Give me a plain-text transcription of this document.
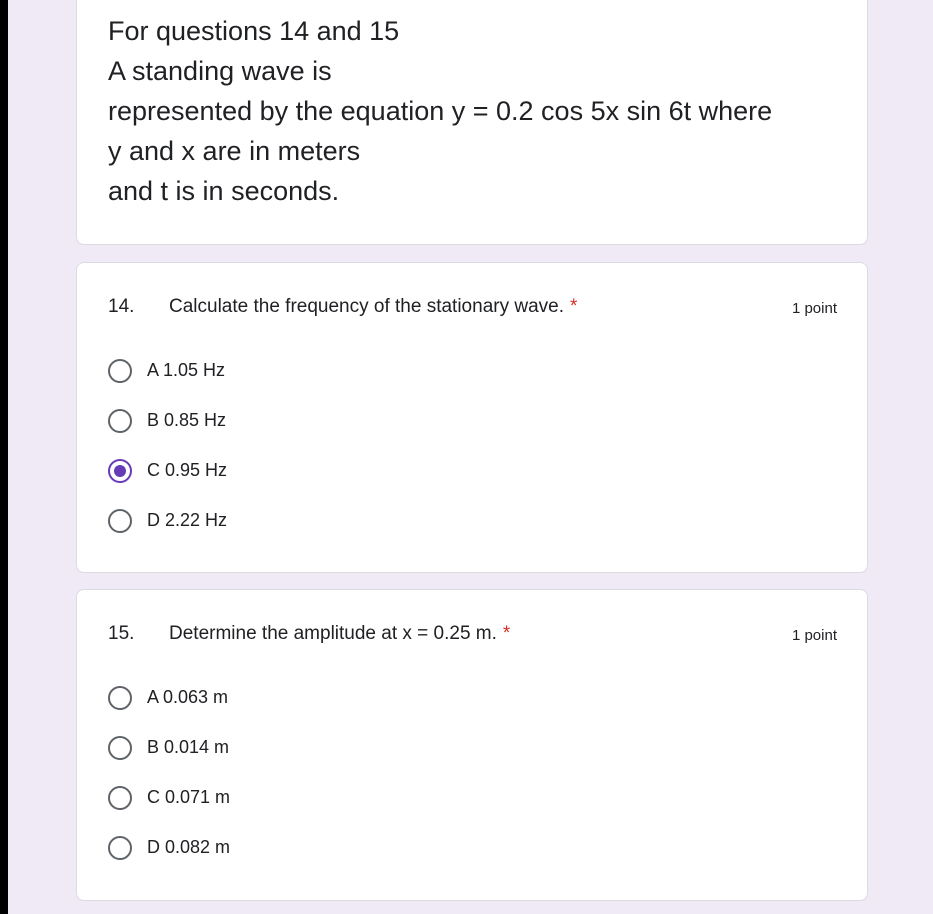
For questions 14 and 15
A standing wave is
represented by the equation y = 0.2 cos 5x sin 6t where
y and x are in meters
and t is in seconds.
14. Calculate the frequency of the stationary wave. *	1 point
A 1.05 Hz
B 0.85 Hz
C 0.95 Hz
D 2.22 Hz
15. Determine the amplitude at x = 0.25 m. *	1 point
A 0.063 m
B 0.014 m
C 0.071 m
D 0.082 m
